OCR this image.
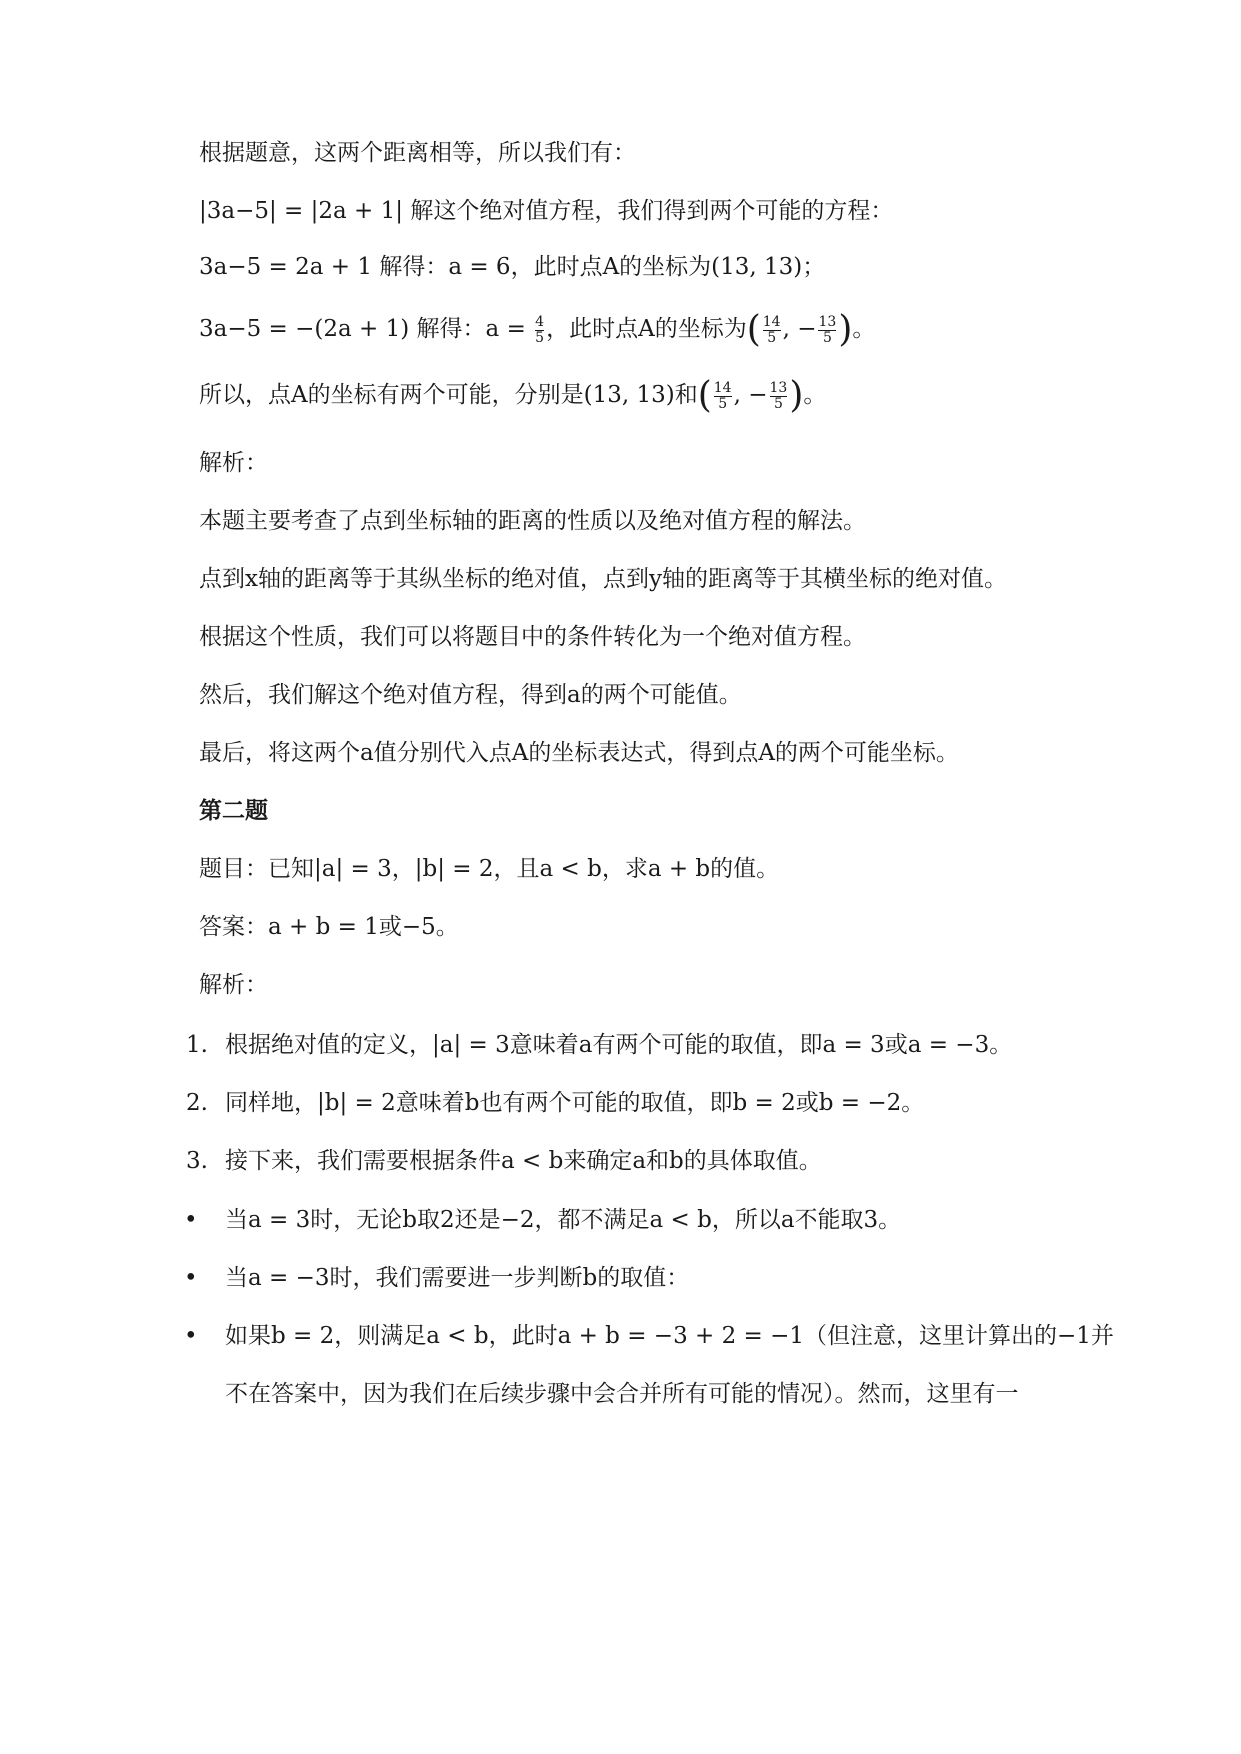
根据题意，这两个距离相等，所以我们有：
|3a−5| = |2a + 1| 解这个绝对值方程，我们得到两个可能的方程：
3a−5 = 2a + 1 解得：a = 6，此时点A的坐标为(13, 13)；
3a−5 = −(2a + 1) 解得：$a = \frac{4}{5}$ ，此时点A的坐标为( $\frac{14}{5}$ , − $\frac{13}{5}$ )。
所以，点A的坐标有两个可能，分别是(13, 13)和( $\frac{14}{5}$ , − $\frac{13}{5}$ )。
解析：
本题主要考查了点到坐标轴的距离的性质以及绝对值方程的解法。
点到x轴的距离等于其纵坐标的绝对值，点到y轴的距离等于其横坐标的绝对值。
根据这个性质，我们可以将题目中的条件转化为一个绝对值方程。
然后，我们解这个绝对值方程，得到a的两个可能值。
最后，将这两个a值分别代入点A的坐标表达式，得到点A的两个可能坐标。
第二题
题目：已知|a| = 3，|b| = 2，且a < b，求a + b的值。
答案：a + b = 1或−5。
解析：
1. 根据绝对值的定义，|a| = 3意味着a有两个可能的取值，即a = 3或a = −3。
2. 同样地，|b| = 2意味着b也有两个可能的取值，即b = 2或b = −2。
3. 接下来，我们需要根据条件a < b来确定a和b的具体取值。
• 当a = 3时，无论b取2还是−2，都不满足a < b，所以a不能取3。
• 当a = −3时，我们需要进一步判断b的取值：
• 如果b = 2，则满足a < b，此时a + b = −3 + 2 = −1（但注意，这里计算出的−1并
不在答案中，因为我们在后续步骤中会合并所有可能的情况）。然而，这里有一
